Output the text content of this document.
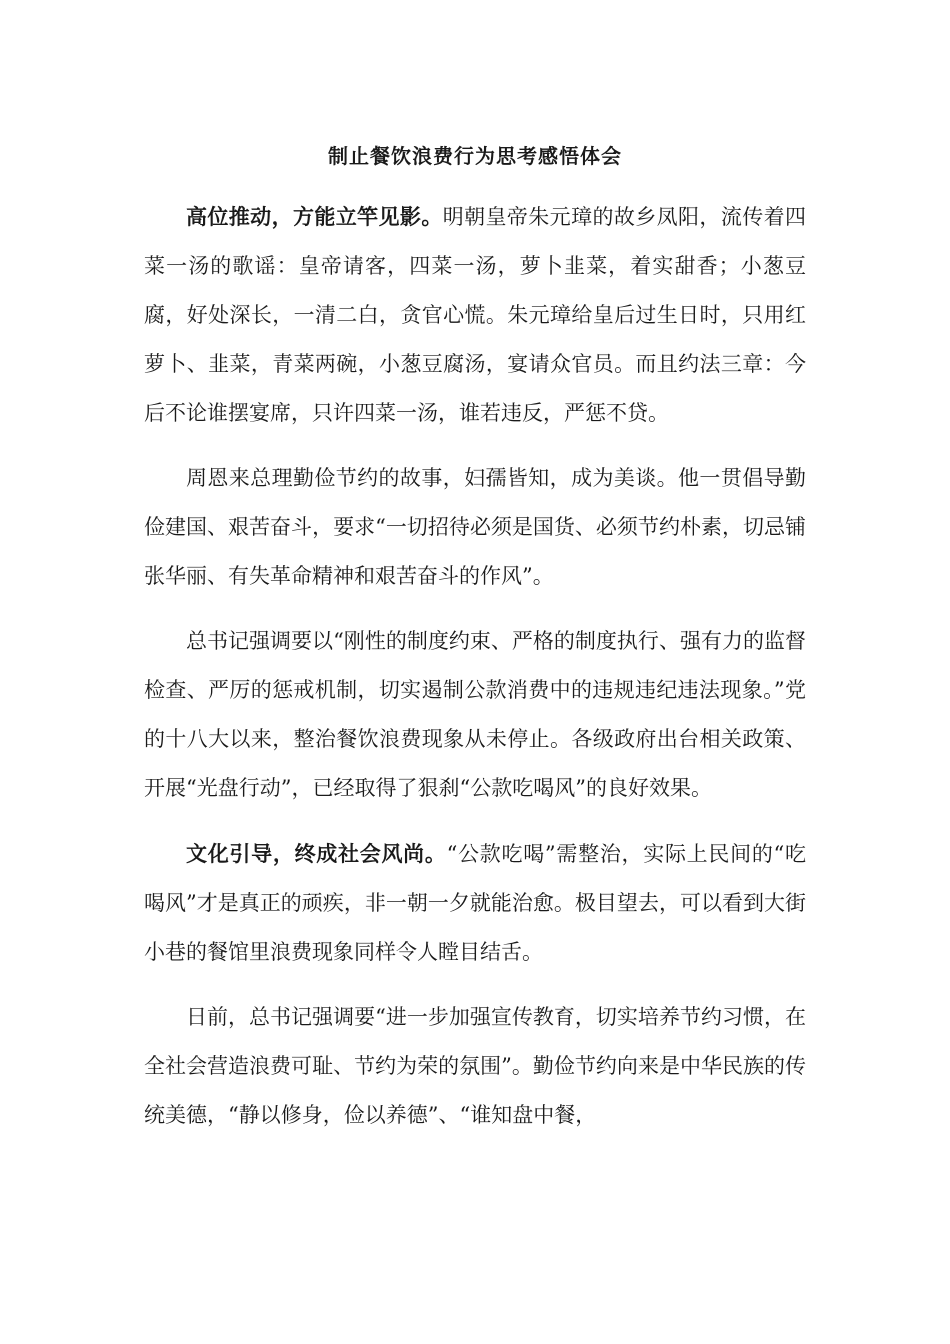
制止餐饮浪费行为思考感悟体会

高位推动，方能立竿见影。明朝皇帝朱元璋的故乡凤阳，流传着四菜一汤的歌谣：皇帝请客，四菜一汤，萝卜韭菜，着实甜香；小葱豆腐，好处深长，一清二白，贪官心慌。朱元璋给皇后过生日时，只用红萝卜、韭菜，青菜两碗，小葱豆腐汤，宴请众官员。而且约法三章：今后不论谁摆宴席，只许四菜一汤，谁若违反，严惩不贷。

周恩来总理勤俭节约的故事，妇孺皆知，成为美谈。他一贯倡导勤俭建国、艰苦奋斗，要求“一切招待必须是国货、必须节约朴素，切忌铺张华丽、有失革命精神和艰苦奋斗的作风”。

总书记强调要以“刚性的制度约束、严格的制度执行、强有力的监督检查、严厉的惩戒机制，切实遏制公款消费中的违规违纪违法现象。”党的十八大以来，整治餐饮浪费现象从未停止。各级政府出台相关政策、开展“光盘行动”，已经取得了狠刹“公款吃喝风”的良好效果。

文化引导，终成社会风尚。“公款吃喝”需整治，实际上民间的“吃喝风”才是真正的顽疾，非一朝一夕就能治愈。极目望去，可以看到大街小巷的餐馆里浪费现象同样令人瞠目结舌。

日前，总书记强调要“进一步加强宣传教育，切实培养节约习惯，在全社会营造浪费可耻、节约为荣的氛围”。勤俭节约向来是中华民族的传统美德，“静以修身，俭以养德”、“谁知盘中餐，
